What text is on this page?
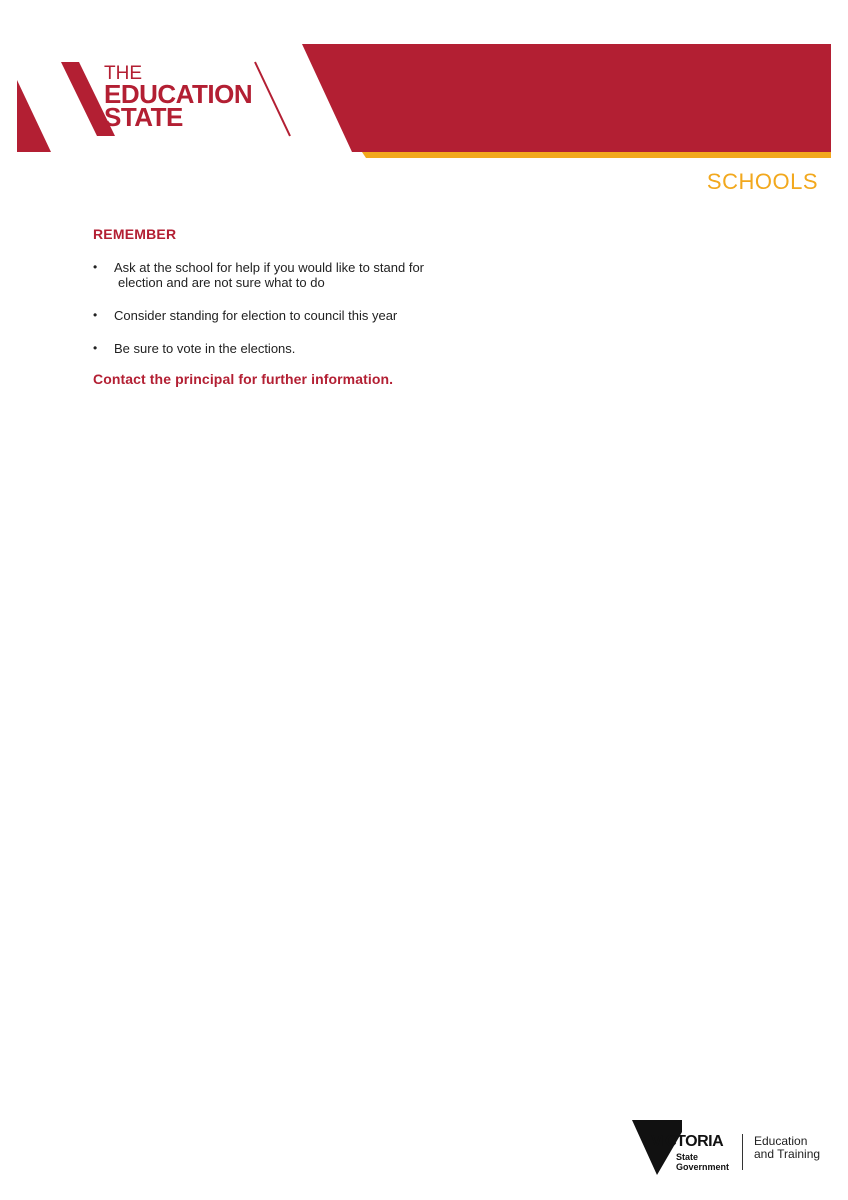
THE
EDUCATION
STATE
SCHOOLS
REMEMBER
• Ask at the school for help if you would like to stand for
election and are not sure what to do
• Consider standing for election to council this year
• Be sure to vote in the elections.
Contact the principal for further information.
VICTORIA
State
Government
Education
and Training
